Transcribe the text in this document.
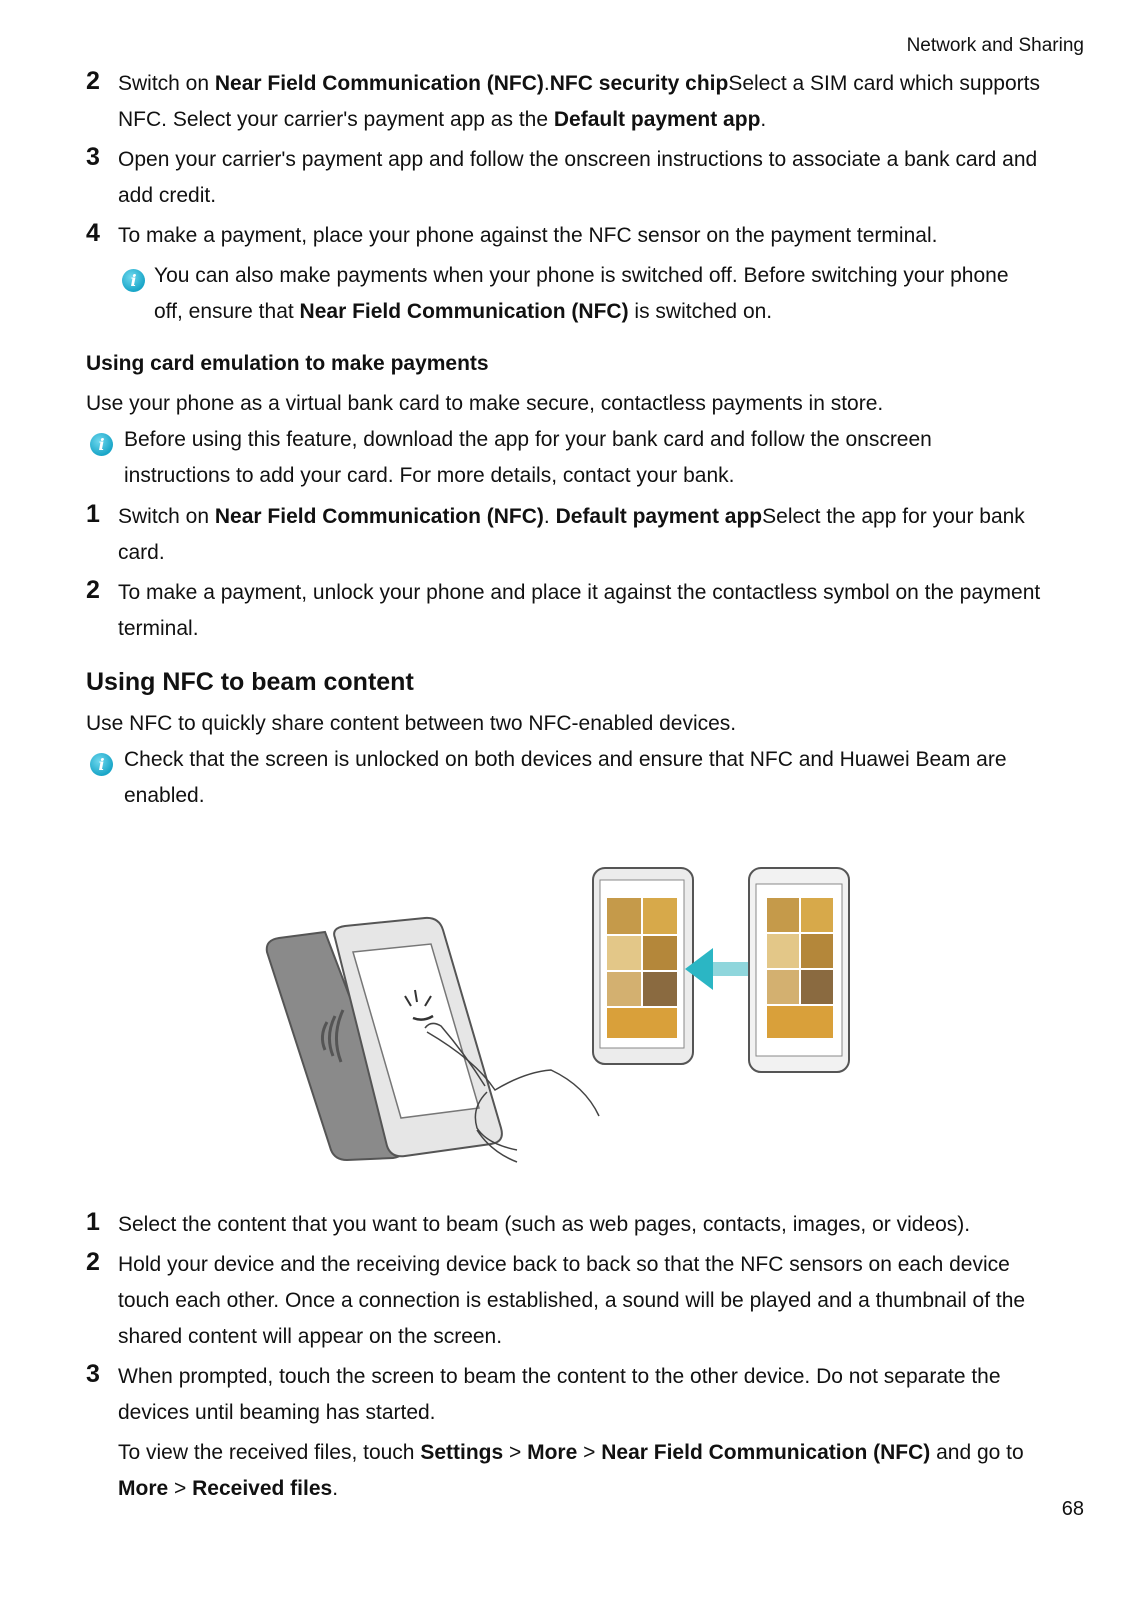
Network and Sharing
2 Switch on Near Field Communication (NFC).NFC security chipSelect a SIM card which supports NFC. Select your carrier's payment app as the Default payment app.
3 Open your carrier's payment app and follow the onscreen instructions to associate a bank card and add credit.
4 To make a payment, place your phone against the NFC sensor on the payment terminal.
i You can also make payments when your phone is switched off. Before switching your phone off, ensure that Near Field Communication (NFC) is switched on.
Using card emulation to make payments
Use your phone as a virtual bank card to make secure, contactless payments in store.
i Before using this feature, download the app for your bank card and follow the onscreen instructions to add your card. For more details, contact your bank.
1 Switch on Near Field Communication (NFC). Default payment appSelect the app for your bank card.
2 To make a payment, unlock your phone and place it against the contactless symbol on the payment terminal.
Using NFC to beam content
Use NFC to quickly share content between two NFC-enabled devices.
i Check that the screen is unlocked on both devices and ensure that NFC and Huawei Beam are enabled.
1 Select the content that you want to beam (such as web pages, contacts, images, or videos).
2 Hold your device and the receiving device back to back so that the NFC sensors on each device touch each other. Once a connection is established, a sound will be played and a thumbnail of the shared content will appear on the screen.
3 When prompted, touch the screen to beam the content to the other device. Do not separate the devices until beaming has started.
To view the received files, touch Settings > More > Near Field Communication (NFC) and go to More > Received files.
68
